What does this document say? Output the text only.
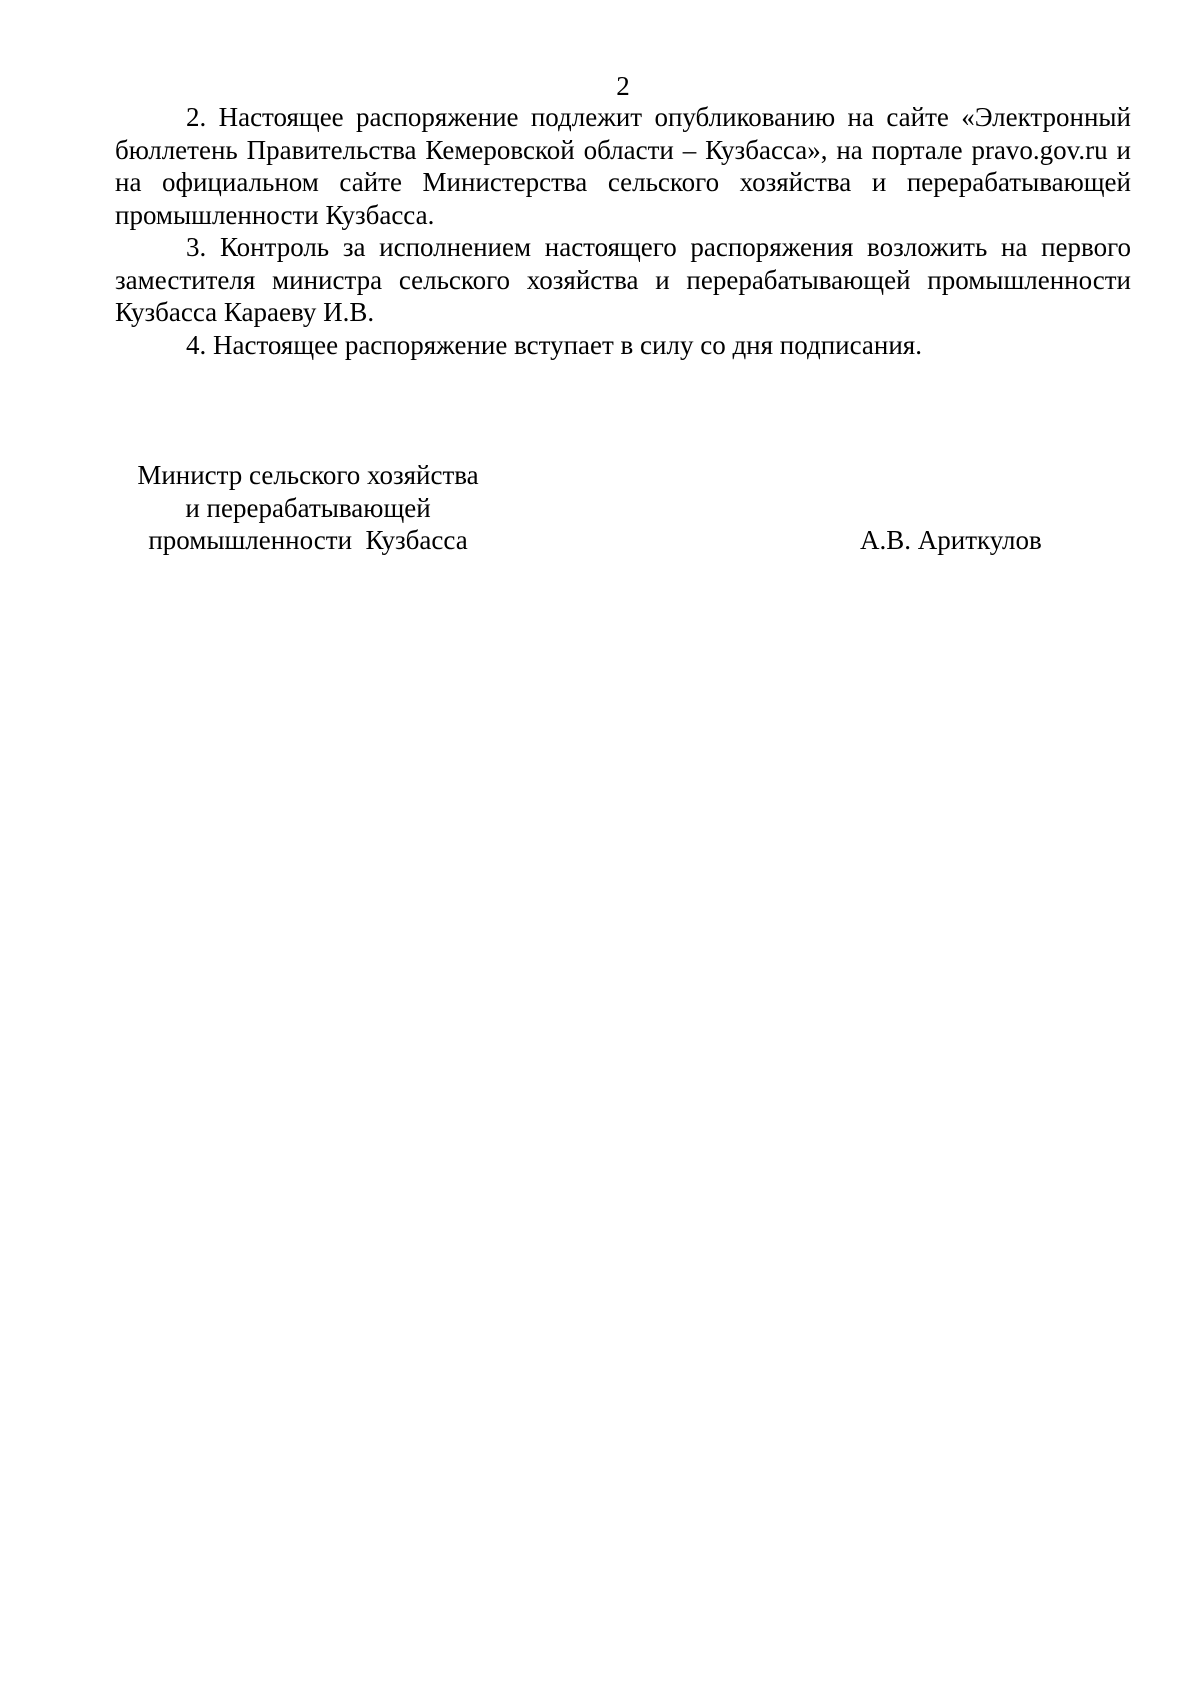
2

2. Настоящее распоряжение подлежит опубликованию на сайте «Электронный бюллетень Правительства Кемеровской области – Кузбасса», на портале pravo.gov.ru и на официальном сайте Министерства сельского хозяйства и перерабатывающей промышленности Кузбасса.

3. Контроль за исполнением настоящего распоряжения возложить на первого заместителя министра сельского хозяйства и перерабатывающей промышленности Кузбасса Караеву И.В.

4. Настоящее распоряжение вступает в силу со дня подписания.

Министр сельского хозяйства
и перерабатывающей
промышленности  Кузбасса	А.В. Ариткулов
